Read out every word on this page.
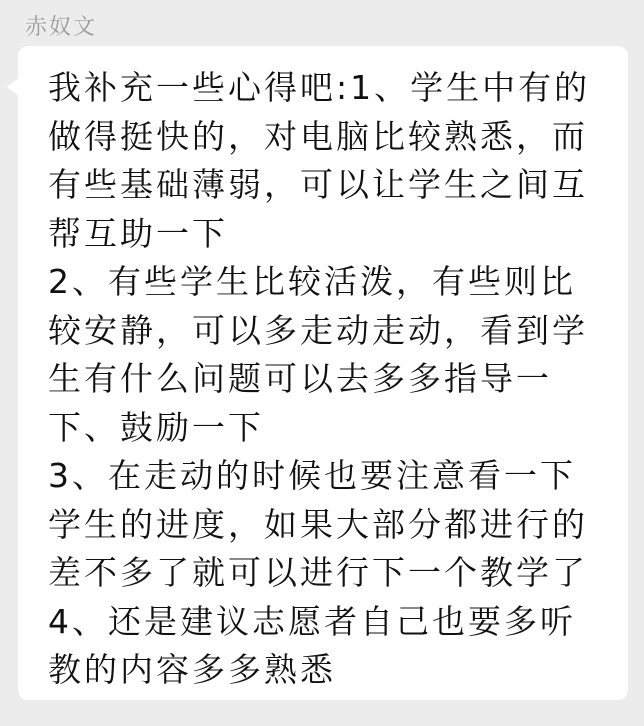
赤奴文
我补充一些心得吧:1、学生中有的
做得挺快的，对电脑比较熟悉，而
有些基础薄弱，可以让学生之间互
帮互助一下
2、有些学生比较活泼，有些则比
较安静，可以多走动走动，看到学
生有什么问题可以去多多指导一
下、鼓励一下
3、在走动的时候也要注意看一下
学生的进度，如果大部分都进行的
差不多了就可以进行下一个教学了
4、还是建议志愿者自己也要多听
教的内容多多熟悉
